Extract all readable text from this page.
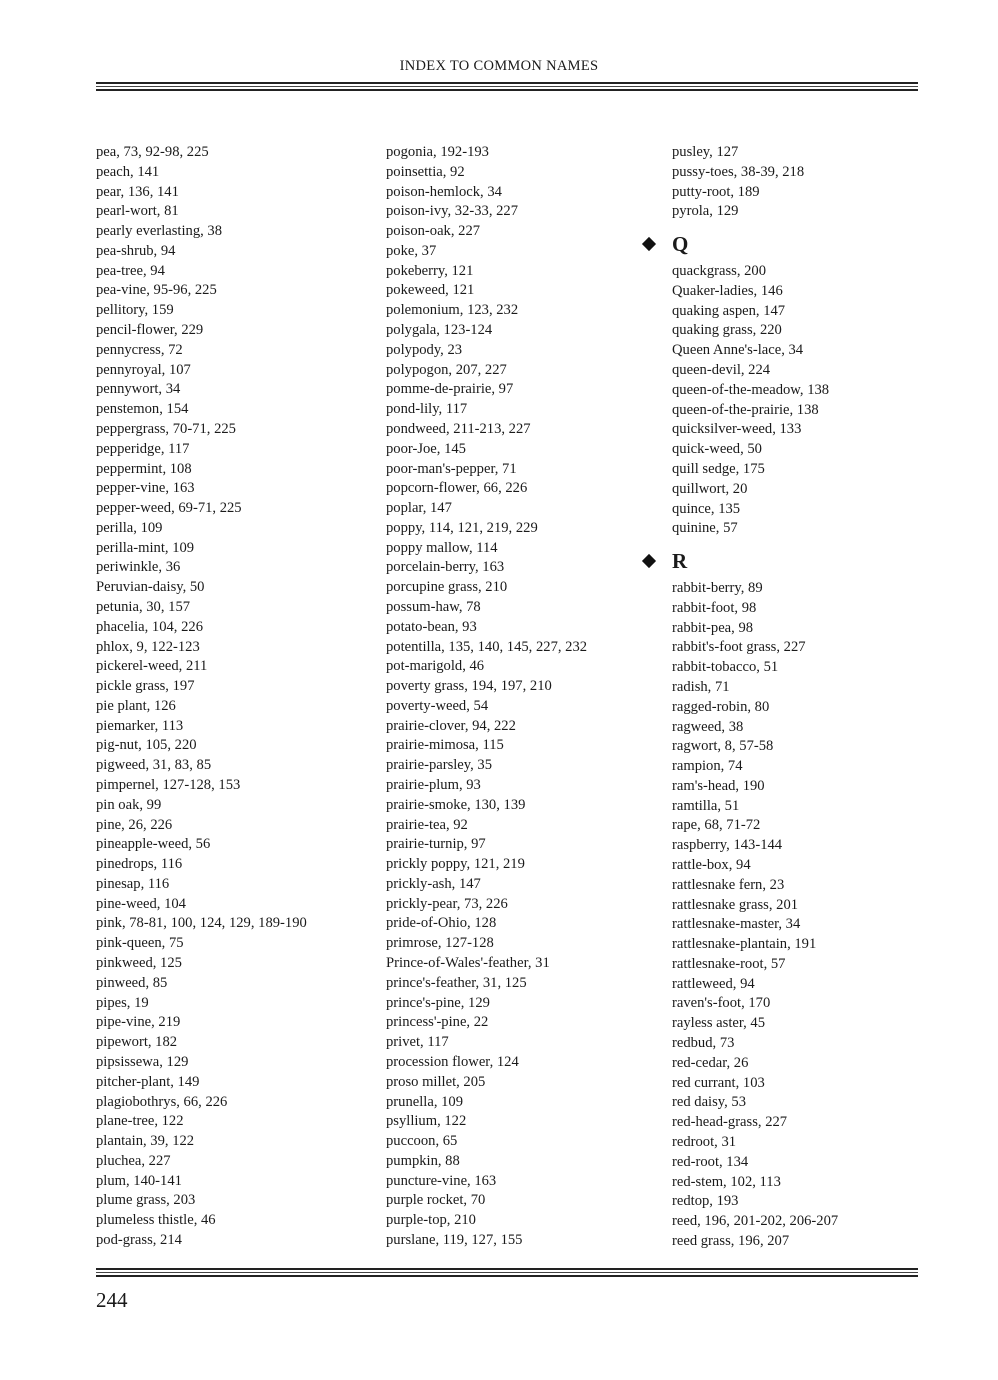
INDEX TO COMMON NAMES
pea, 73, 92-98, 225
peach, 141
pear, 136, 141
pearl-wort, 81
pearly everlasting, 38
pea-shrub, 94
pea-tree, 94
pea-vine, 95-96, 225
pellitory, 159
pencil-flower, 229
pennycress, 72
pennyroyal, 107
pennywort, 34
penstemon, 154
peppergrass, 70-71, 225
pepperidge, 117
peppermint, 108
pepper-vine, 163
pepper-weed, 69-71, 225
perilla, 109
perilla-mint, 109
periwinkle, 36
Peruvian-daisy, 50
petunia, 30, 157
phacelia, 104, 226
phlox, 9, 122-123
pickerel-weed, 211
pickle grass, 197
pie plant, 126
piemarker, 113
pig-nut, 105, 220
pigweed, 31, 83, 85
pimpernel, 127-128, 153
pin oak, 99
pine, 26, 226
pineapple-weed, 56
pinedrops, 116
pinesap, 116
pine-weed, 104
pink, 78-81, 100, 124, 129, 189-190
pink-queen, 75
pinkweed, 125
pinweed, 85
pipes, 19
pipe-vine, 219
pipewort, 182
pipsissewa, 129
pitcher-plant, 149
plagiobothrys, 66, 226
plane-tree, 122
plantain, 39, 122
pluchea, 227
plum, 140-141
plume grass, 203
plumeless thistle, 46
pod-grass, 214
pogonia, 192-193
poinsettia, 92
poison-hemlock, 34
poison-ivy, 32-33, 227
poison-oak, 227
poke, 37
pokeberry, 121
pokeweed, 121
polemonium, 123, 232
polygala, 123-124
polypody, 23
polypogon, 207, 227
pomme-de-prairie, 97
pond-lily, 117
pondweed, 211-213, 227
poor-Joe, 145
poor-man's-pepper, 71
popcorn-flower, 66, 226
poplar, 147
poppy, 114, 121, 219, 229
poppy mallow, 114
porcelain-berry, 163
porcupine grass, 210
possum-haw, 78
potato-bean, 93
potentilla, 135, 140, 145, 227, 232
pot-marigold, 46
poverty grass, 194, 197, 210
poverty-weed, 54
prairie-clover, 94, 222
prairie-mimosa, 115
prairie-parsley, 35
prairie-plum, 93
prairie-smoke, 130, 139
prairie-tea, 92
prairie-turnip, 97
prickly poppy, 121, 219
prickly-ash, 147
prickly-pear, 73, 226
pride-of-Ohio, 128
primrose, 127-128
Prince-of-Wales'-feather, 31
prince's-feather, 31, 125
prince's-pine, 129
princess'-pine, 22
privet, 117
procession flower, 124
proso millet, 205
prunella, 109
psyllium, 122
puccoon, 65
pumpkin, 88
puncture-vine, 163
purple rocket, 70
purple-top, 210
purslane, 119, 127, 155
pusley, 127
pussy-toes, 38-39, 218
putty-root, 189
pyrola, 129
Q
quackgrass, 200
Quaker-ladies, 146
quaking aspen, 147
quaking grass, 220
Queen Anne's-lace, 34
queen-devil, 224
queen-of-the-meadow, 138
queen-of-the-prairie, 138
quicksilver-weed, 133
quick-weed, 50
quill sedge, 175
quillwort, 20
quince, 135
quinine, 57
R
rabbit-berry, 89
rabbit-foot, 98
rabbit-pea, 98
rabbit's-foot grass, 227
rabbit-tobacco, 51
radish, 71
ragged-robin, 80
ragweed, 38
ragwort, 8, 57-58
rampion, 74
ram's-head, 190
ramtilla, 51
rape, 68, 71-72
raspberry, 143-144
rattle-box, 94
rattlesnake fern, 23
rattlesnake grass, 201
rattlesnake-master, 34
rattlesnake-plantain, 191
rattlesnake-root, 57
rattleweed, 94
raven's-foot, 170
rayless aster, 45
redbud, 73
red-cedar, 26
red currant, 103
red daisy, 53
red-head-grass, 227
redroot, 31
red-root, 134
red-stem, 102, 113
redtop, 193
reed, 196, 201-202, 206-207
reed grass, 196, 207
244
